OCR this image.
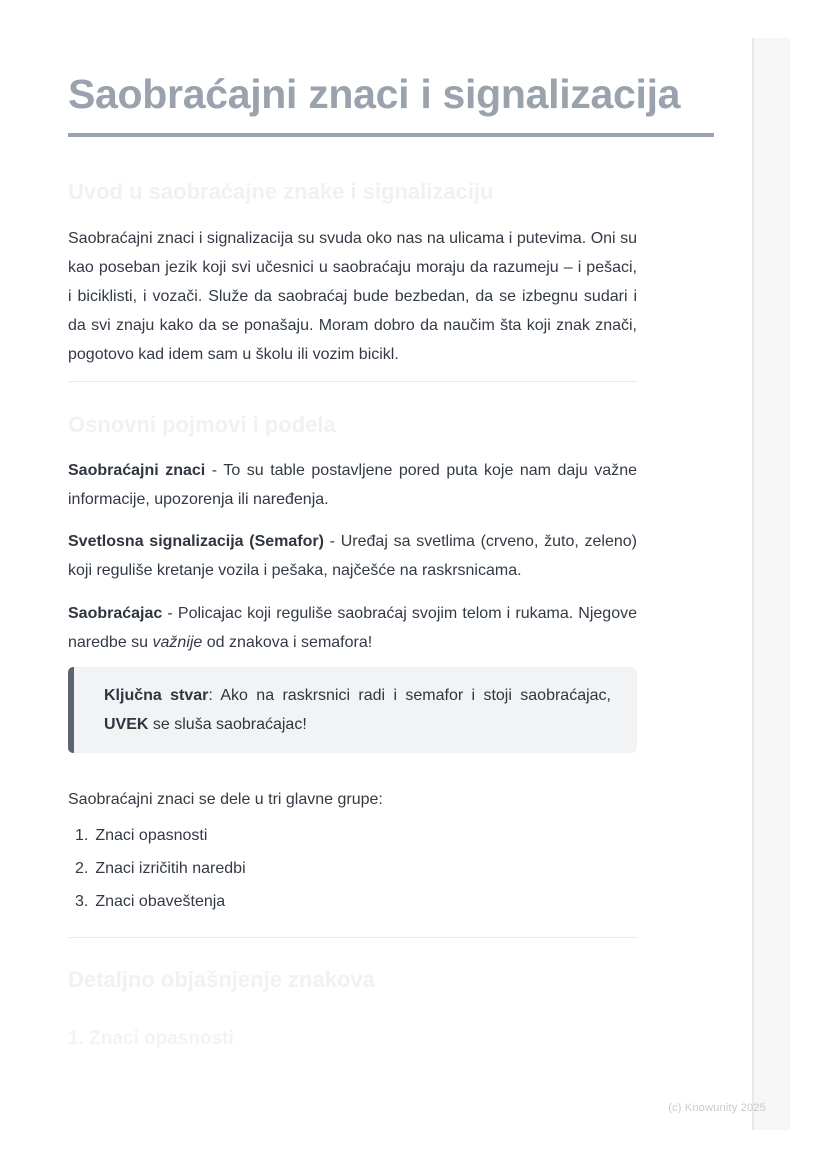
Saobraćajni znaci i signalizacija
Uvod u saobraćajne znake i signalizaciju

Saobraćajni znaci i signalizacija su svuda oko nas na ulicama i putevima. Oni su kao poseban jezik koji svi učesnici u saobraćaju moraju da razumeju – i pešaci, i biciklisti, i vozači. Služe da saobraćaj bude bezbedan, da se izbegnu sudari i da svi znaju kako da se ponašaju. Moram dobro da naučim šta koji znak znači, pogotovo kad idem sam u školu ili vozim bicikl.

Osnovni pojmovi i podela

Saobraćajni znaci - To su table postavljene pored puta koje nam daju važne informacije, upozorenja ili naređenja.

Svetlosna signalizacija (Semafor) - Uređaj sa svetlima (crveno, žuto, zeleno) koji reguliše kretanje vozila i pešaka, najčešće na raskrsnicama.

Saobraćajac - Policajac koji reguliše saobraćaj svojim telom i rukama. Njegove naredbe su važnije od znakova i semafora!

Ključna stvar: Ako na raskrsnici radi i semafor i stoji saobraćajac, UVEK se sluša saobraćajac!

Saobraćajni znaci se dele u tri glavne grupe:

1. Znaci opasnosti
2. Znaci izričitih naredbi
3. Znaci obaveštenja
Detaljno objašnjenje znakova
1. Znaci opasnosti
(c) Knowunity 2025
